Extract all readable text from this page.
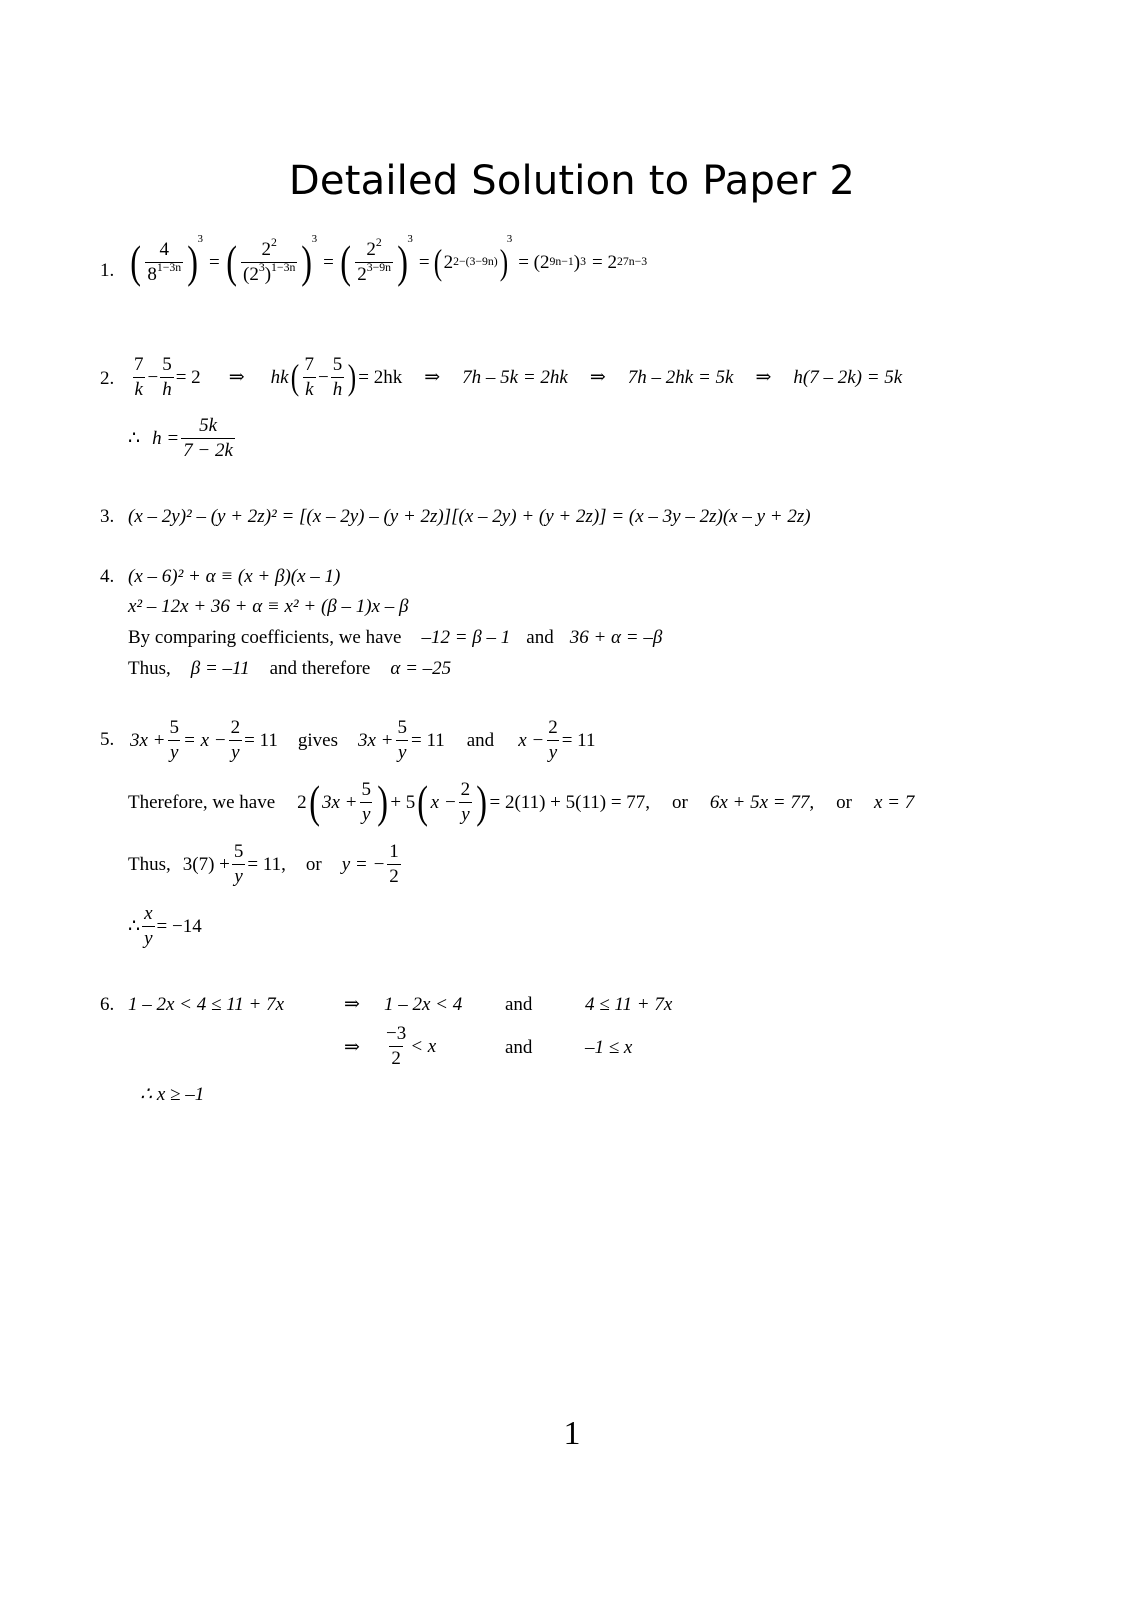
Detailed Solution to Paper 2
1. ( $\frac{4}{8^{1-3n}}$ ) 3
= ( $\frac{2^2}{(2^3)^{1-3n}}$ ) 3
= ( $\frac{2^2}{2^{3-9n}}$ ) 3
= ( 2 2−(3−9n) )
3
= (2 9n−1 ) 3 = 2 27n−3
2. $\frac{7}{k} - \frac{5}{h} = 2$ ⇒ hk ( $\frac{7}{k} - \frac{5}{h}$ ) = 2hk ⇒ 7h – 5k = 2hk ⇒ 7h – 2hk = 5k ⇒ h(7 – 2k) = 5k
∴ $h = \frac{5k}{7 - 2k}$
3. (x – 2y)² – (y + 2z)² = [(x – 2y) – (y + 2z)][(x – 2y) + (y + 2z)] = (x – 3y – 2z)(x – y + 2z)
4. (x – 6)² + α ≡ (x + β)(x – 1)
x² – 12x + 36 + α ≡ x² + (β – 1)x – β
By comparing coefficients, we have –12 = β – 1 and 36 + α = –β
Thus, β = –11 and therefore α = –25
5. $3x + \frac{5}{y} = x - \frac{2}{y} = 11$ gives $3x + \frac{5}{y} = 11$ and $x - \frac{2}{y} = 11$
Therefore, we have 2 ( $3x + \frac{5}{y}$ ) + 5 ( $x - \frac{2}{y}$ ) = 2(11) + 5(11) = 77, or 6x + 5x = 77, or x = 7
Thus, $3(7) + \frac{5}{y} = 11$, or y = − $\frac{1}{2}$
∴ $\frac{x}{y} = -14$
6. 1 – 2x < 4 ≤ 11 + 7x	⇒ 1 – 2x < 4 and	4 ≤ 11 + 7x
⇒ $\frac{-3}{2} < x$	and	–1 ≤ x
∴ x ≥ –1
1
